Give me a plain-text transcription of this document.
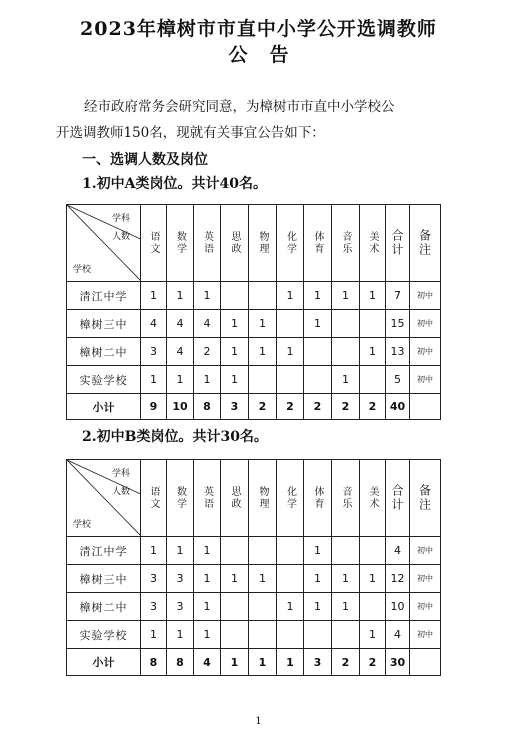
2023年樟树市市直中小学公开选调教师
公告
经市政府常务会研究同意，为樟树市市直中小学校公
开选调教师150名，现就有关事宜公告如下：
一、选调人数及岗位
1.初中A类岗位。共计40名。
学科
人数
学校	语文	数学	英语	思政	物理	化学	体育	音乐	美术	合计	备注
清江中学	1	1	1			1	1	1	1	7	初中
樟树三中	4	4	4	1	1		1			15	初中
樟树二中	3	4	2	1	1	1			1	13	初中
实验学校	1	1	1	1				1		5	初中
小计	9	10	8	3	2	2	2	2	2	40	
2.初中B类岗位。共计30名。
学科
人数
学校	语文	数学	英语	思政	物理	化学	体育	音乐	美术	合计	备注
清江中学	1	1	1				1			4	初中
樟树三中	3	3	1	1	1		1	1	1	12	初中
樟树二中	3	3	1			1	1	1		10	初中
实验学校	1	1	1						1	4	初中
小计	8	8	4	1	1	1	3	2	2	30	
1
